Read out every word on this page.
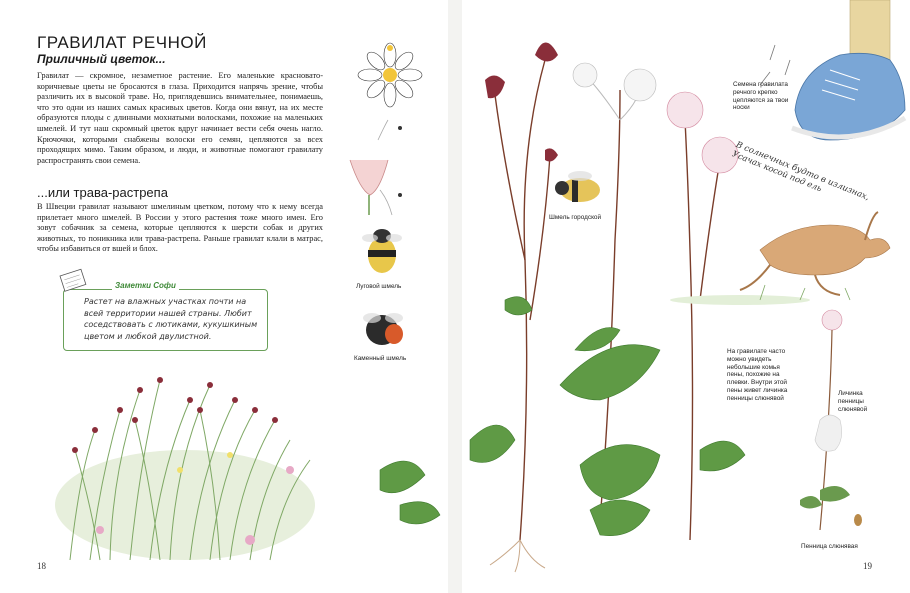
ГРАВИЛАТ РЕЧНОЙ
Приличный цветок...
Гравилат — скромное, незаметное растение. Его маленькие красновато-коричневые цветы не бросаются в глаза. Приходится напрячь зрение, чтобы различить их в высокой траве. Но, приглядевшись внимательнее, понимаешь, что это одни из наших самых красивых цветов. Когда они вянут, на их месте образуются плоды с длинными мохнатыми волосками, похожие на маленьких шмелей. И тут наш скромный цветок вдруг начинает вести себя очень нагло. Крючочки, которыми снабжены волоски его семян, цепляются за всех проходящих мимо. Таким образом, и люди, и животные помогают гравилату распространять свои семена.
...или трава-растрепа
В Швеции гравилат называют шмелиным цветком, потому что к нему всегда прилетает много шмелей. В России у этого растения тоже много имен. Его зовут собачник за семена, которые цепляются к шерсти собак и других животных, то поникника или трава-растрепа. Раньше гравилат клали в матрас, чтобы избавиться от вшей и блох.
Заметки Софи
Растет на влажных участках почти на всей территории нашей страны. Любит соседствовать с лютиками, кукушкиным цветом и любкой двулистной.
Луговой шмель
Каменный шмель
18
Шмель городской
Семена гравилата речного крепко цепляются за твои носки
В солнечных будто в излизнах, Усачах косой под ель
На гравилате часто можно увидеть небольшие комья пены, похожие на плевки. Внутри этой пены живет личинка пенницы слюнявой
Личинка пенницы слюнявой
Пенница слюнявая
19
